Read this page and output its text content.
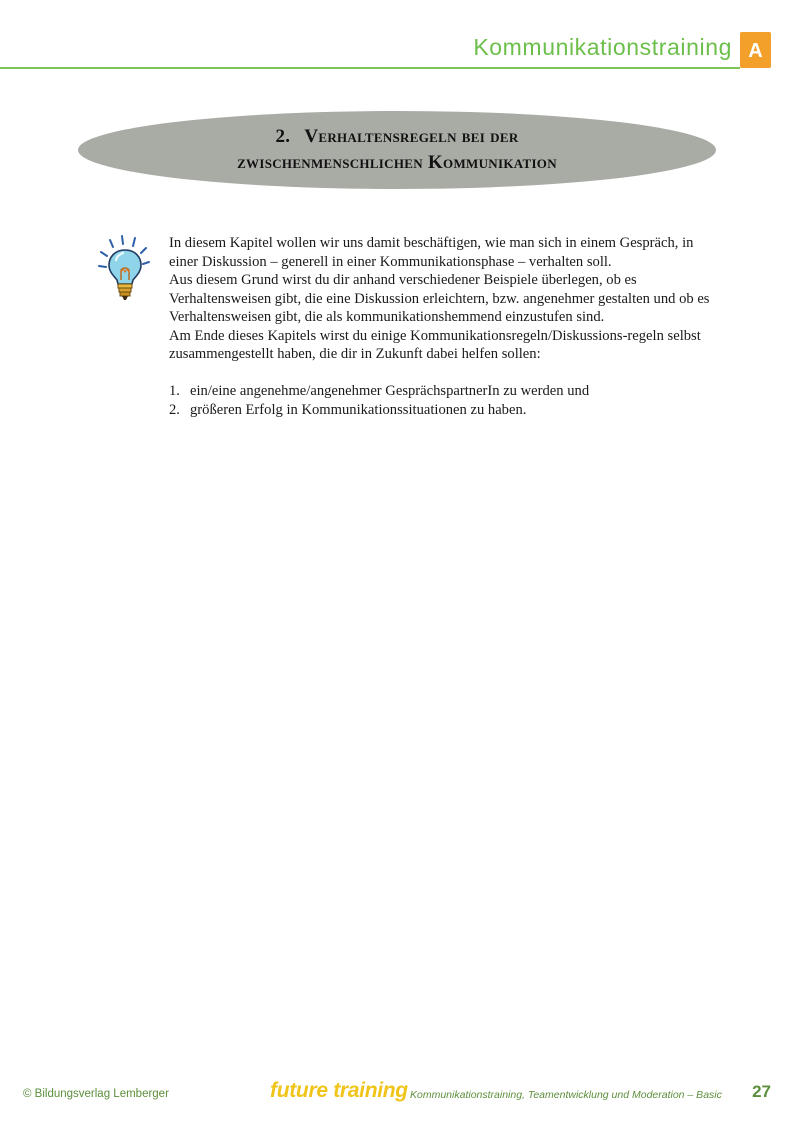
Kommunikationstraining A
2. Verhaltensregeln bei der
zwischenmenschlichen Kommunikation

In diesem Kapitel wollen wir uns damit beschäftigen, wie man sich in einem Gespräch, in einer Diskussion – generell in einer Kommunikationsphase – verhalten soll.

Aus diesem Grund wirst du dir anhand verschiedener Beispiele überlegen, ob es Verhaltensweisen gibt, die eine Diskussion erleichtern, bzw. angenehmer gestalten und ob es Verhaltensweisen gibt, die als kommunikationshemmend einzustufen sind.

Am Ende dieses Kapitels wirst du einige Kommunikationsregeln/Diskussions-regeln selbst zusammengestellt haben, die dir in Zukunft dabei helfen sollen:

1. ein/eine angenehme/angenehmer GesprächspartnerIn zu werden und
2. größeren Erfolg in Kommunikationssituationen zu haben.
© Bildungsverlag Lemberger	future training Kommunikationstraining, Teamentwicklung und Moderation – Basic 27
